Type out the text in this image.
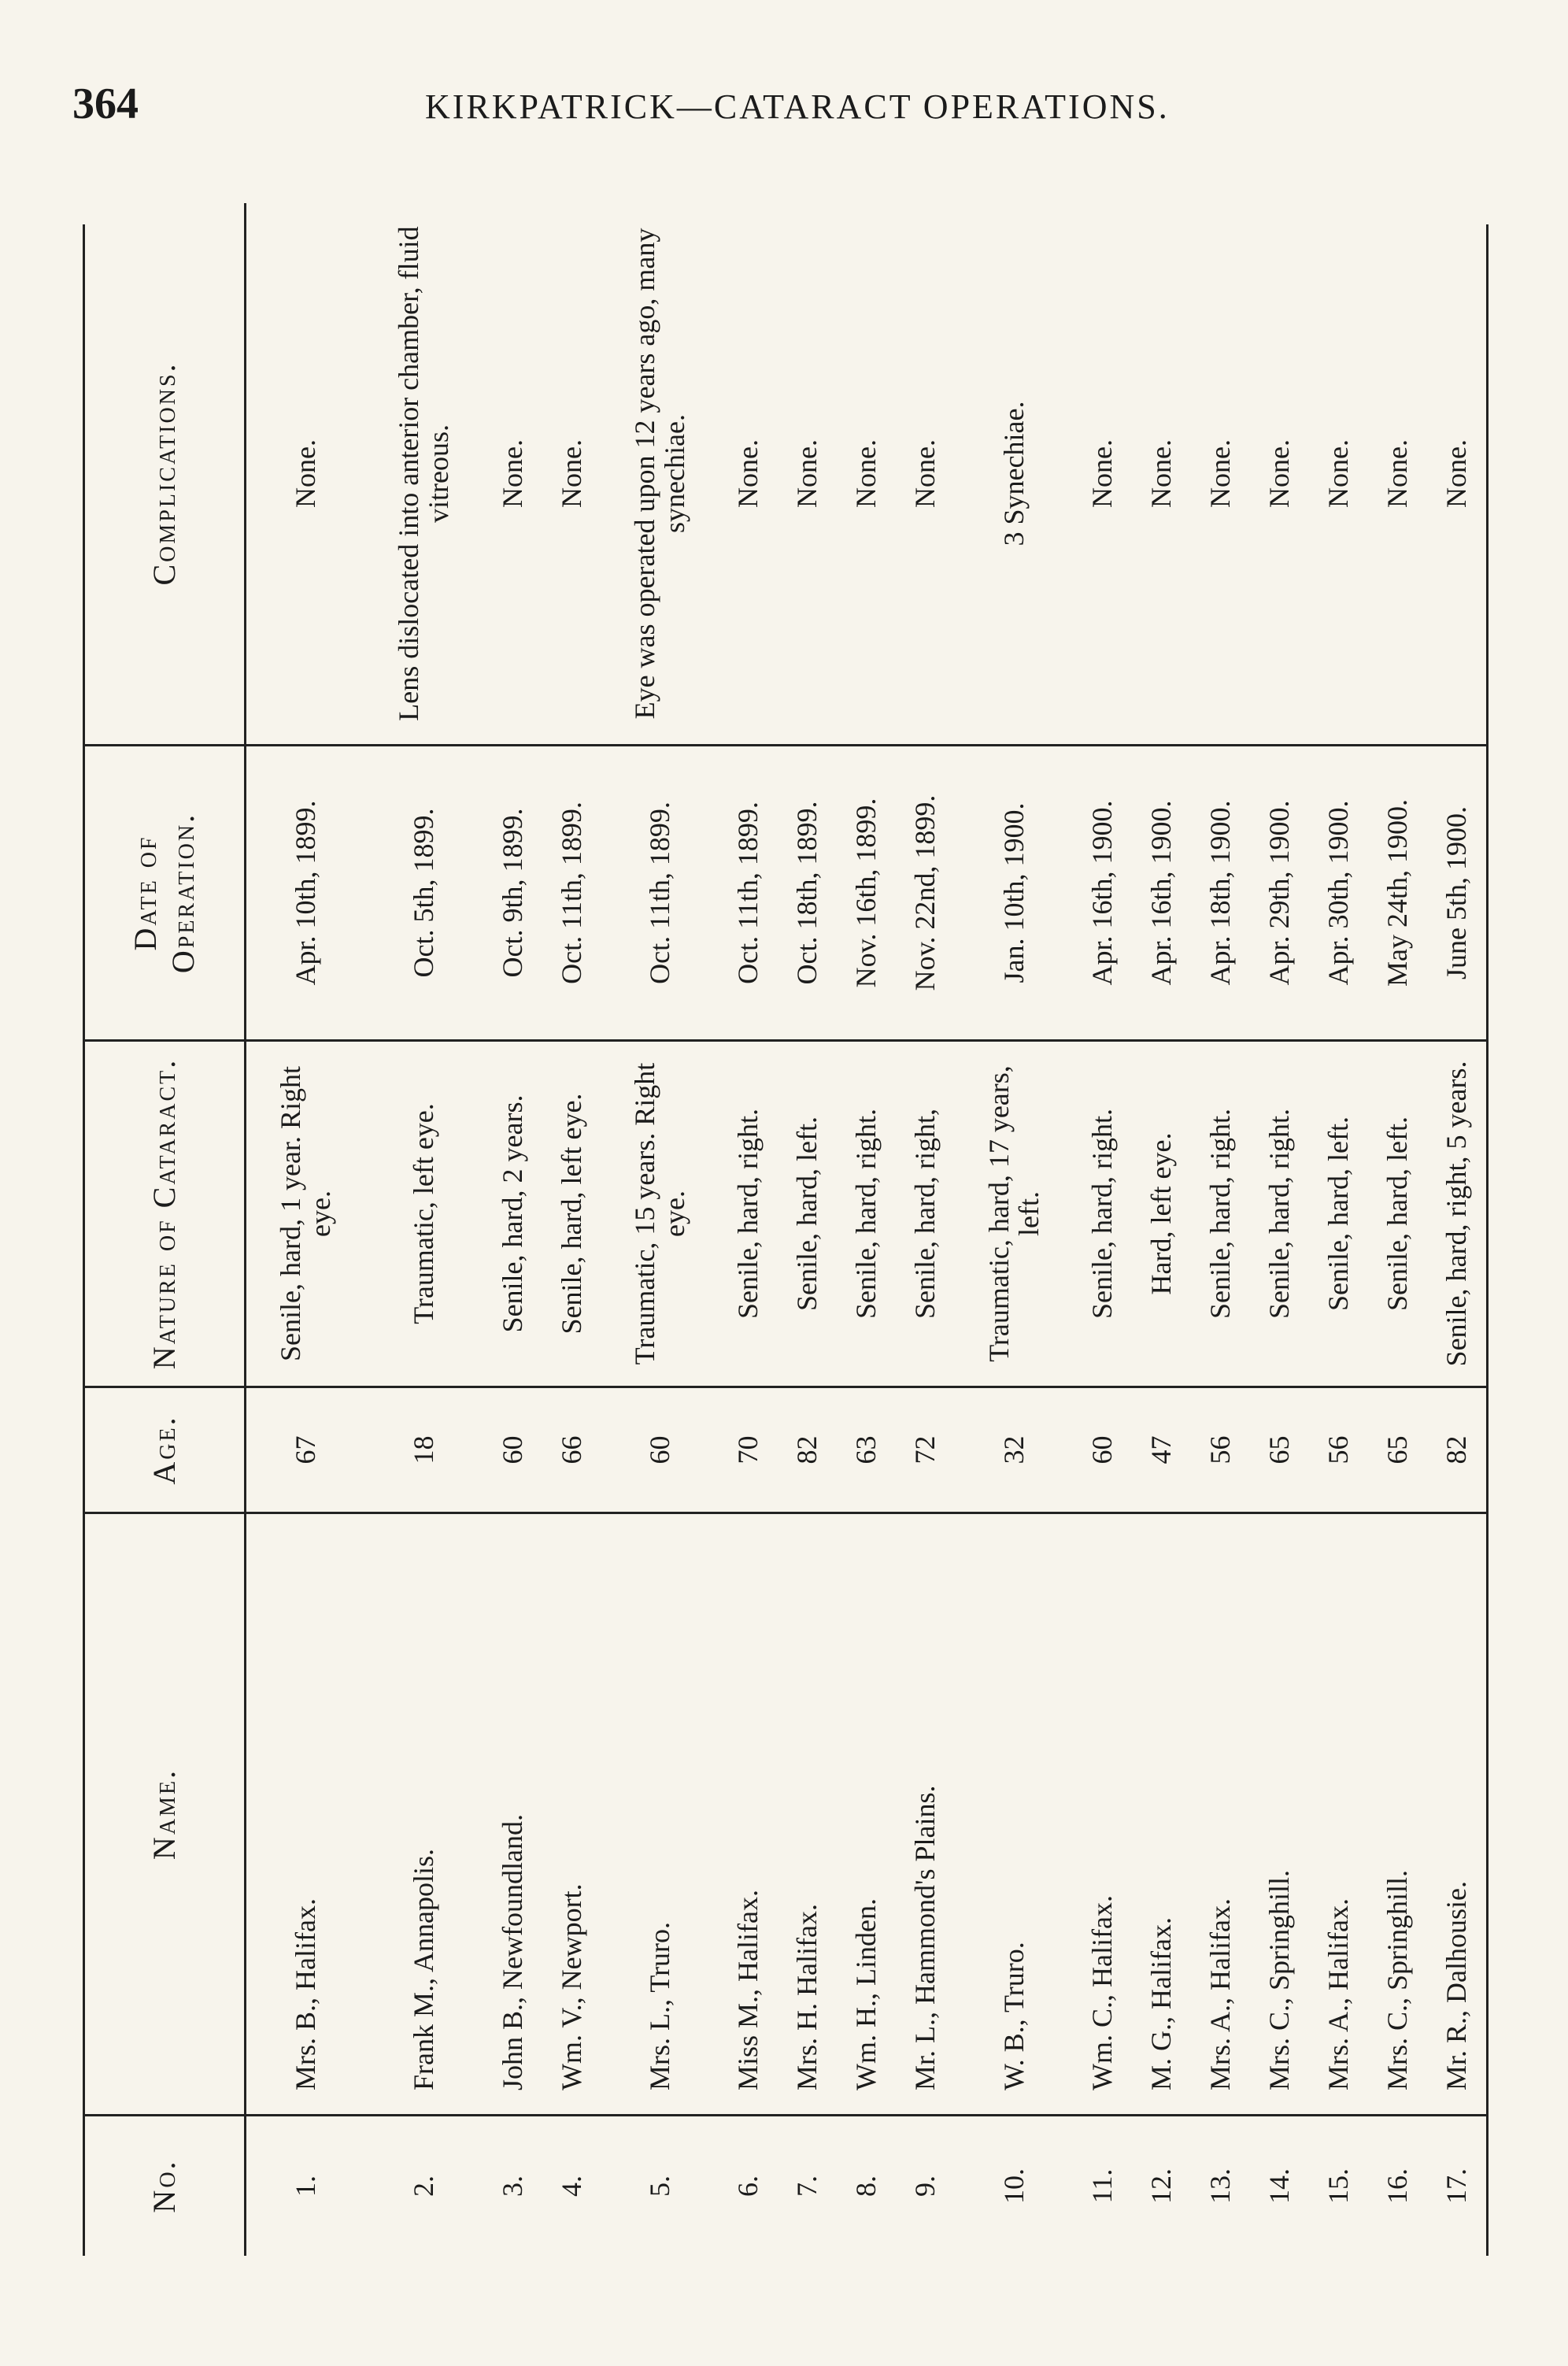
364	KIRKPATRICK—CATARACT OPERATIONS.
No.	Name.	Age.	Nature of Cataract.	Date of
Operation.	Complications.
1.	Mrs. B., Halifax.	67	Senile, hard, 1 year. Right eye.	Apr. 10th, 1899.	None.
2.	Frank M., Annapolis.	18	Traumatic, left eye.	Oct. 5th, 1899.	Lens dislocated into anterior chamber, fluid vitreous.
3.	John B., Newfoundland.	60	Senile, hard, 2 years.	Oct. 9th, 1899.	None.
4.	Wm. V., Newport.	66	Senile, hard, left eye.	Oct. 11th, 1899.	None.
5.	Mrs. L., Truro.	60	Traumatic, 15 years. Right eye.	Oct. 11th, 1899.	Eye was operated upon 12 years ago, many synechiae.
6.	Miss M., Halifax.	70	Senile, hard, right.	Oct. 11th, 1899.	None.
7.	Mrs. H. Halifax.	82	Senile, hard, left.	Oct. 18th, 1899.	None.
8.	Wm. H., Linden.	63	Senile, hard, right.	Nov. 16th, 1899.	None.
9.	Mr. L., Hammond's Plains.	72	Senile, hard, right,	Nov. 22nd, 1899.	None.
10.	W. B., Truro.	32	Traumatic, hard, 17 years, left.	Jan. 10th, 1900.	3 Synechiae.
11.	Wm. C., Halifax.	60	Senile, hard, right.	Apr. 16th, 1900.	None.
12.	M. G., Halifax.	47	Hard, left eye.	Apr. 16th, 1900.	None.
13.	Mrs. A., Halifax.	56	Senile, hard, right.	Apr. 18th, 1900.	None.
14.	Mrs. C., Springhill.	65	Senile, hard, right.	Apr. 29th, 1900.	None.
15.	Mrs. A., Halifax.	56	Senile, hard, left.	Apr. 30th, 1900.	None.
16.	Mrs. C., Springhill.	65	Senile, hard, left.	May 24th, 1900.	None.
17.	Mr. R., Dalhousie.	82	Senile, hard, right, 5 years.	June 5th, 1900.	None.
